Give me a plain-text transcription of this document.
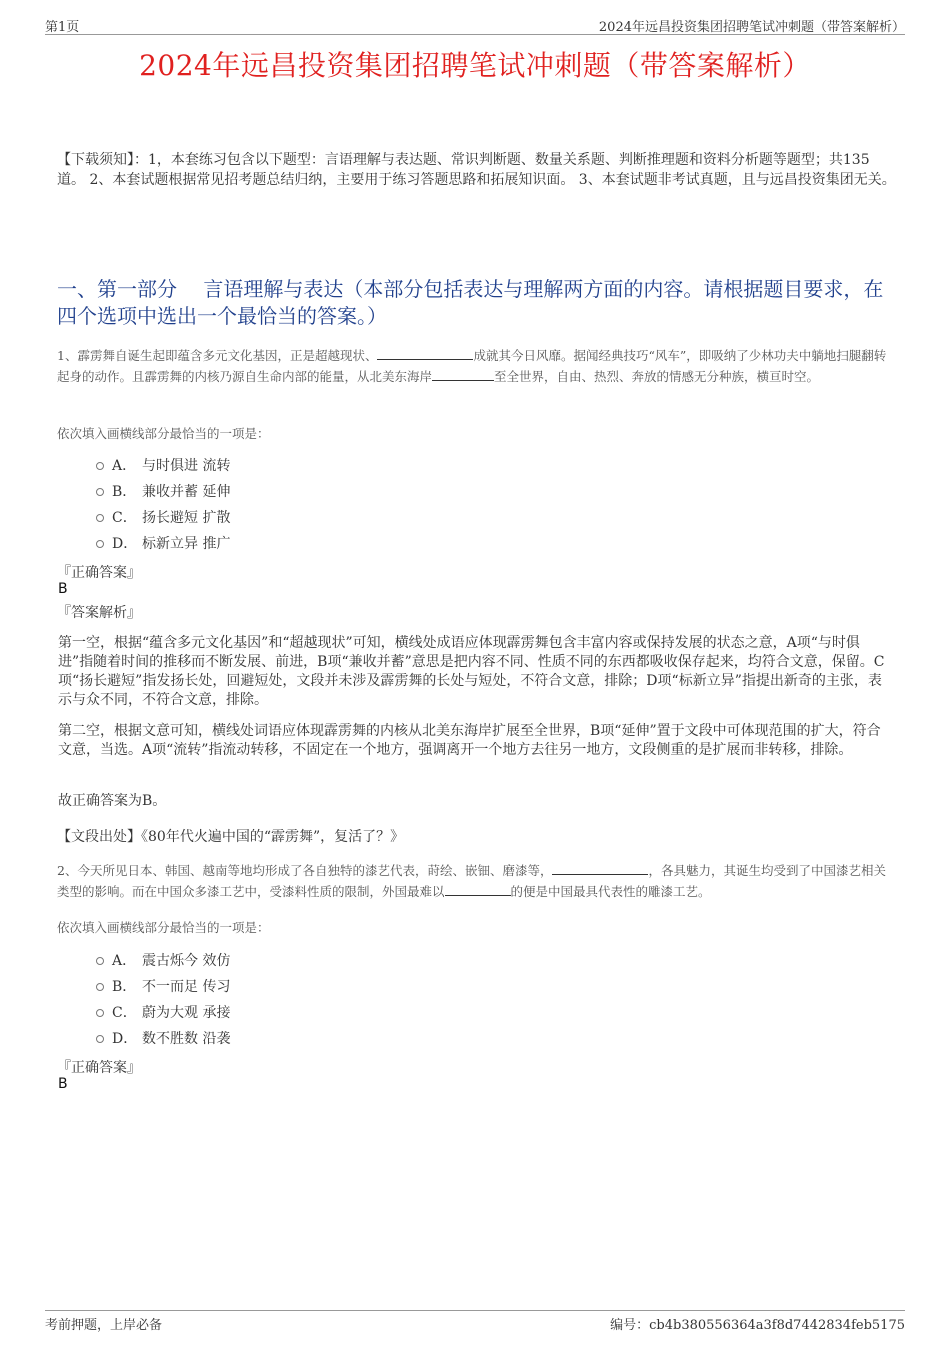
第1页	2024年远昌投资集团招聘笔试冲刺题（带答案解析）
2024年远昌投资集团招聘笔试冲刺题（带答案解析）
【下载须知】：1，本套练习包含以下题型：言语理解与表达题、常识判断题、数量关系题、判断推理题和资料分析题等题型；共135道。 2、本套试题根据常见招考题总结归纳，主要用于练习答题思路和拓展知识面。 3、本套试题非考试真题，且与远昌投资集团无关。
一、第一部分　 言语理解与表达（本部分包括表达与理解两方面的内容。请根据题目要求，在四个选项中选出一个最恰当的答案。）
1、霹雳舞自诞生起即蕴含多元文化基因，正是超越现状、	成就其今日风靡。据闻经典技巧“风车”，即吸纳了少林功夫中躺地扫腿翻转起身的动作。且霹雳舞的内核乃源自生命内部的能量，从北美东海岸	至全世界，自由、热烈、奔放的情感无分种族，横亘时空。
依次填入画横线部分最恰当的一项是：
A． 与时俱进 流转
B． 兼收并蓄 延伸
C． 扬长避短 扩散
D． 标新立异 推广
『正确答案』
B
『答案解析』
第一空，根据“蕴含多元文化基因”和“超越现状”可知，横线处成语应体现霹雳舞包含丰富内容或保持发展的状态之意，A项“与时俱进”指随着时间的推移而不断发展、前进，B项“兼收并蓄”意思是把内容不同、性质不同的东西都吸收保存起来，均符合文意，保留。C项“扬长避短”指发扬长处，回避短处，文段并未涉及霹雳舞的长处与短处，不符合文意，排除；D项“标新立异”指提出新奇的主张，表示与众不同，不符合文意，排除。
第二空，根据文意可知，横线处词语应体现霹雳舞的内核从北美东海岸扩展至全世界，B项“延伸”置于文段中可体现范围的扩大，符合文意，当选。A项“流转”指流动转移，不固定在一个地方，强调离开一个地方去往另一地方，文段侧重的是扩展而非转移，排除。
故正确答案为B。
【文段出处】《80年代火遍中国的“霹雳舞”，复活了？》
2、今天所见日本、韩国、越南等地均形成了各自独特的漆艺代表，莳绘、嵌钿、磨漆等，	，各具魅力，其诞生均受到了中国漆艺相关类型的影响。而在中国众多漆工艺中，受漆料性质的限制，外国最难以	的便是中国最具代表性的雕漆工艺。
依次填入画横线部分最恰当的一项是：
A． 震古烁今 效仿
B． 不一而足 传习
C． 蔚为大观 承接
D． 数不胜数 沿袭
『正确答案』
B
考前押题，上岸必备	编号：cb4b380556364a3f8d7442834feb5175
